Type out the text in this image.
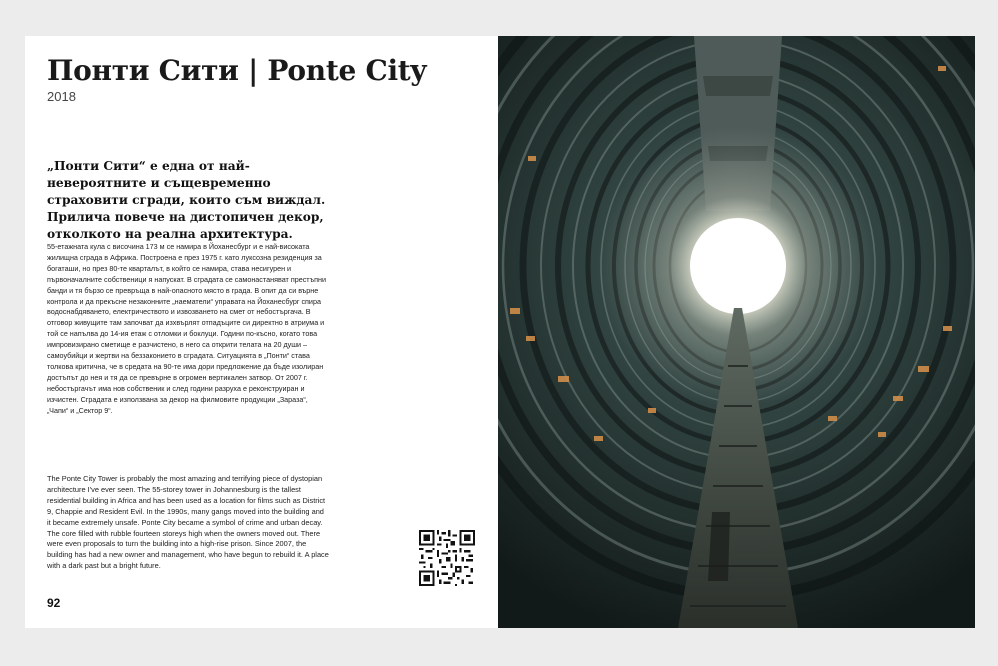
Понти Сити | Ponte City
2018
„Понти Сити“ е една от най-невероятните и същевременно страховити сгради, които съм виждал. Прилича повече на дистопичен декор, отколкото на реална архитектура.
55-етажната кула с височина 173 м се намира в Йоханесбург и е най-високата жилищна сграда в Африка. Построена е през 1975 г. като луксозна резиденция за богаташи, но през 80-те кварталът, в който се намира, става несигурен и първоначалните собственици я напускат. В сградата се самонастаняват престъпни банди и тя бързо се превръща в най-опасното място в града. В опит да си върне контрола и да прекъсне незаконните „наематели“ управата на Йоханесбург спира водоснабдяването, електричеството и извозването на смет от небостъргача. В отговор живущите там започват да изхвърлят отпадъците си директно в атриума и той се напълва до 14-ия етаж с отломки и боклуци. Години по-късно, когато това импровизирано сметище е разчистено, в него са открити телата на 20 души – самоубийци и жертви на беззаконието в сградата. Ситуацията в „Понти“ става толкова критична, че в средата на 90-те има дори предложение да бъде изолиран достъпът до нея и тя да се превърне в огромен вертикален затвор. От 2007 г. небостъргачът има нов собственик и след години разруха е реконструиран и изчистен. Сградата е използвана за декор на филмовите продукции „Зараза“, „Чапи“ и „Сектор 9“.
The Ponte City Tower is probably the most amazing and terrifying piece of dystopian architecture I've ever seen. The 55-storey tower in Johannesburg is the tallest residential building in Africa and has been used as a location for films such as District 9, Chappie and Resident Evil. In the 1990s, many gangs moved into the building and it became extremely unsafe. Ponte City became a symbol of crime and urban decay. The core filled with rubble fourteen storeys high when the owners moved out. There were even proposals to turn the building into a high-rise prison. Since 2007, the building has had a new owner and management, who have begun to rebuild it. A place with a dark past but a bright future.
92
